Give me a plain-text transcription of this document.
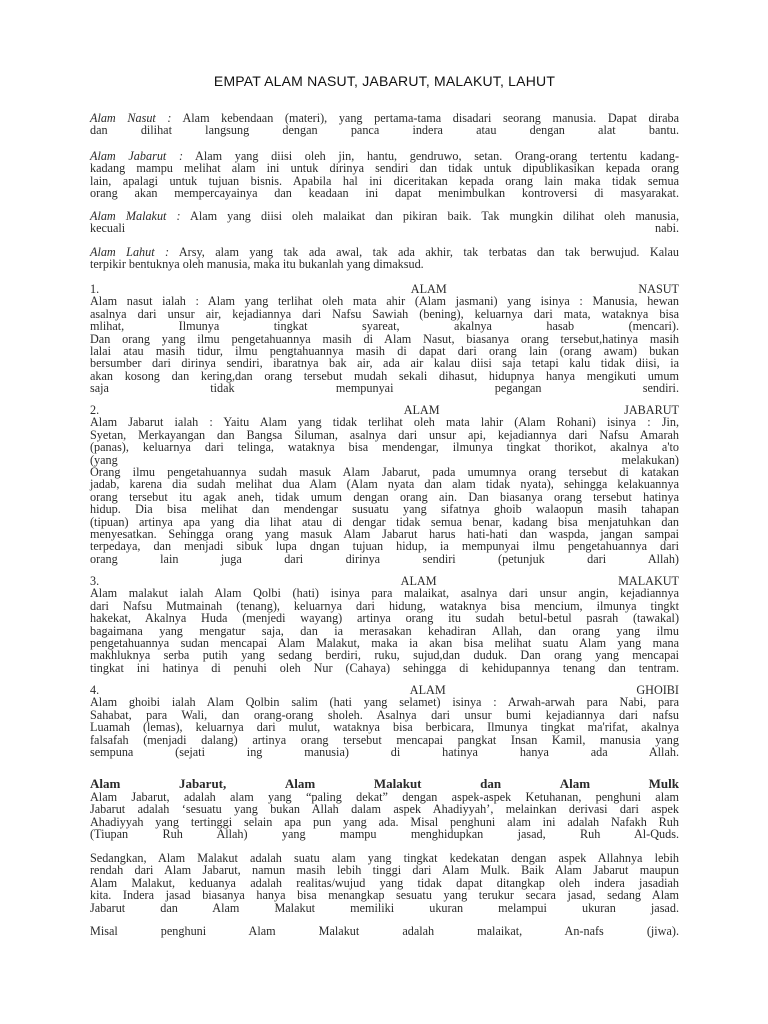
EMPAT ALAM NASUT, JABARUT, MALAKUT, LAHUT

Alam Nasut : Alam kebendaan (materi), yang pertama-tama disadari seorang manusia. Dapat diraba

dan dilihat langsung dengan panca indera atau dengan alat bantu.

Alam Jabarut : Alam yang diisi oleh jin, hantu, gendruwo, setan. Orang-orang tertentu kadang-

kadang mampu melihat alam ini untuk dirinya sendiri dan tidak untuk dipublikasikan kepada orang

lain, apalagi untuk tujuan bisnis. Apabila hal ini diceritakan kepada orang lain maka tidak semua

orang akan mempercayainya dan keadaan ini dapat menimbulkan kontroversi di masyarakat.

Alam Malakut : Alam yang diisi oleh malaikat dan pikiran baik. Tak mungkin dilihat oleh manusia,

kecuali	nabi.

Alam Lahut : Arsy, alam yang tak ada awal, tak ada akhir, tak terbatas dan tak berwujud. Kalau

terpikir bentuknya oleh manusia, maka itu bukanlah yang dimaksud.

1.	ALAM	NASUT

Alam nasut ialah : Alam yang terlihat oleh mata ahir (Alam jasmani) yang isinya : Manusia, hewan

asalnya dari unsur air, kejadiannya dari Nafsu Sawiah (bening), keluarnya dari mata, wataknya bisa

mlihat, Ilmunya tingkat syareat, akalnya hasab (mencari).

Dan orang yang ilmu pengetahuannya masih di Alam Nasut, biasanya orang tersebut,hatinya masih

lalai atau masih tidur, ilmu pengtahuannya masih di dapat dari orang lain (orang awam) bukan

bersumber dari dirinya sendiri, ibaratnya bak air, ada air kalau diisi saja tetapi kalu tidak diisi, ia

akan kosong dan kering,dan orang tersebut mudah sekali dihasut, hidupnya hanya mengikuti umum

saja tidak mempunyai pegangan sendiri.

2.	ALAM	JABARUT

Alam Jabarut ialah : Yaitu Alam yang tidak terlihat oleh mata lahir (Alam Rohani) isinya : Jin,

Syetan, Merkayangan dan Bangsa Siluman, asalnya dari unsur api, kejadiannya dari Nafsu Amarah

(panas), keluarnya dari telinga, wataknya bisa mendengar, ilmunya tingkat thorikot, akalnya a'to

(yang melakukan)

Orang ilmu pengetahuannya sudah masuk Alam Jabarut, pada umumnya orang tersebut di katakan

jadab, karena dia sudah melihat dua Alam (Alam nyata dan alam tidak nyata), sehingga kelakuannya

orang tersebut itu agak aneh, tidak umum dengan orang ain. Dan biasanya orang tersebut hatinya

hidup. Dia bisa melihat dan mendengar susuatu yang sifatnya ghoib walaopun masih tahapan

(tipuan) artinya apa yang dia lihat atau di dengar tidak semua benar, kadang bisa menjatuhkan dan

menyesatkan. Sehingga orang yang masuk Alam Jabarut harus hati-hati dan waspda, jangan sampai

terpedaya, dan menjadi sibuk lupa dngan tujuan hidup, ia mempunyai ilmu pengetahuannya dari

orang lain juga dari dirinya sendiri (petunjuk dari Allah)

3.	ALAM	MALAKUT

Alam malakut ialah Alam Qolbi (hati) isinya para malaikat, asalnya dari unsur angin, kejadiannya

dari Nafsu Mutmainah (tenang), keluarnya dari hidung, wataknya bisa mencium, ilmunya tingkt

hakekat, Akalnya Huda (menjedi wayang) artinya orang itu sudah betul-betul pasrah (tawakal)

bagaimana yang mengatur saja, dan ia merasakan kehadiran Allah, dan orang yang ilmu

pengetahuannya sudan mencapai Alam Malakut, maka ia akan bisa melihat suatu Alam yang mana

makhluknya serba putih yang sedang berdiri, ruku, sujud,dan duduk. Dan orang yang mencapai

tingkat ini hatinya di penuhi oleh Nur (Cahaya) sehingga di kehidupannya tenang dan tentram.

4.	ALAM	GHOIBI

Alam ghoibi ialah Alam Qolbin salim (hati yang selamet) isinya : Arwah-arwah para Nabi, para

Sahabat, para Wali, dan orang-orang sholeh. Asalnya dari unsur bumi kejadiannya dari nafsu

Luamah (lemas), keluarnya dari mulut, wataknya bisa berbicara, Ilmunya tingkat ma'rifat, akalnya

falsafah (menjadi dalang) artinya orang tersebut mencapai pangkat Insan Kamil, manusia yang

sempuna (sejati ing manusia) di hatinya hanya ada Allah.

Alam	Jabarut,	Alam	Malakut	dan	Alam	Mulk

Alam Jabarut, adalah alam yang “paling dekat” dengan aspek-aspek Ketuhanan, penghuni alam

Jabarut adalah ‘sesuatu yang bukan Allah dalam aspek Ahadiyyah’, melainkan derivasi dari aspek

Ahadiyyah yang tertinggi selain apa pun yang ada. Misal penghuni alam ini adalah Nafakh Ruh

(Tiupan Ruh Allah) yang mampu menghidupkan jasad, Ruh Al-Quds.

Sedangkan, Alam Malakut adalah suatu alam yang tingkat kedekatan dengan aspek Allahnya lebih

rendah dari Alam Jabarut, namun masih lebih tinggi dari Alam Mulk. Baik Alam Jabarut maupun

Alam Malakut, keduanya adalah realitas/wujud yang tidak dapat ditangkap oleh indera jasadiah

kita. Indera jasad biasanya hanya bisa menangkap sesuatu yang terukur secara jasad, sedang Alam

Jabarut dan Alam Malakut memiliki ukuran melampui ukuran jasad.

Misal penghuni Alam Malakut adalah malaikat, An-nafs (jiwa).
